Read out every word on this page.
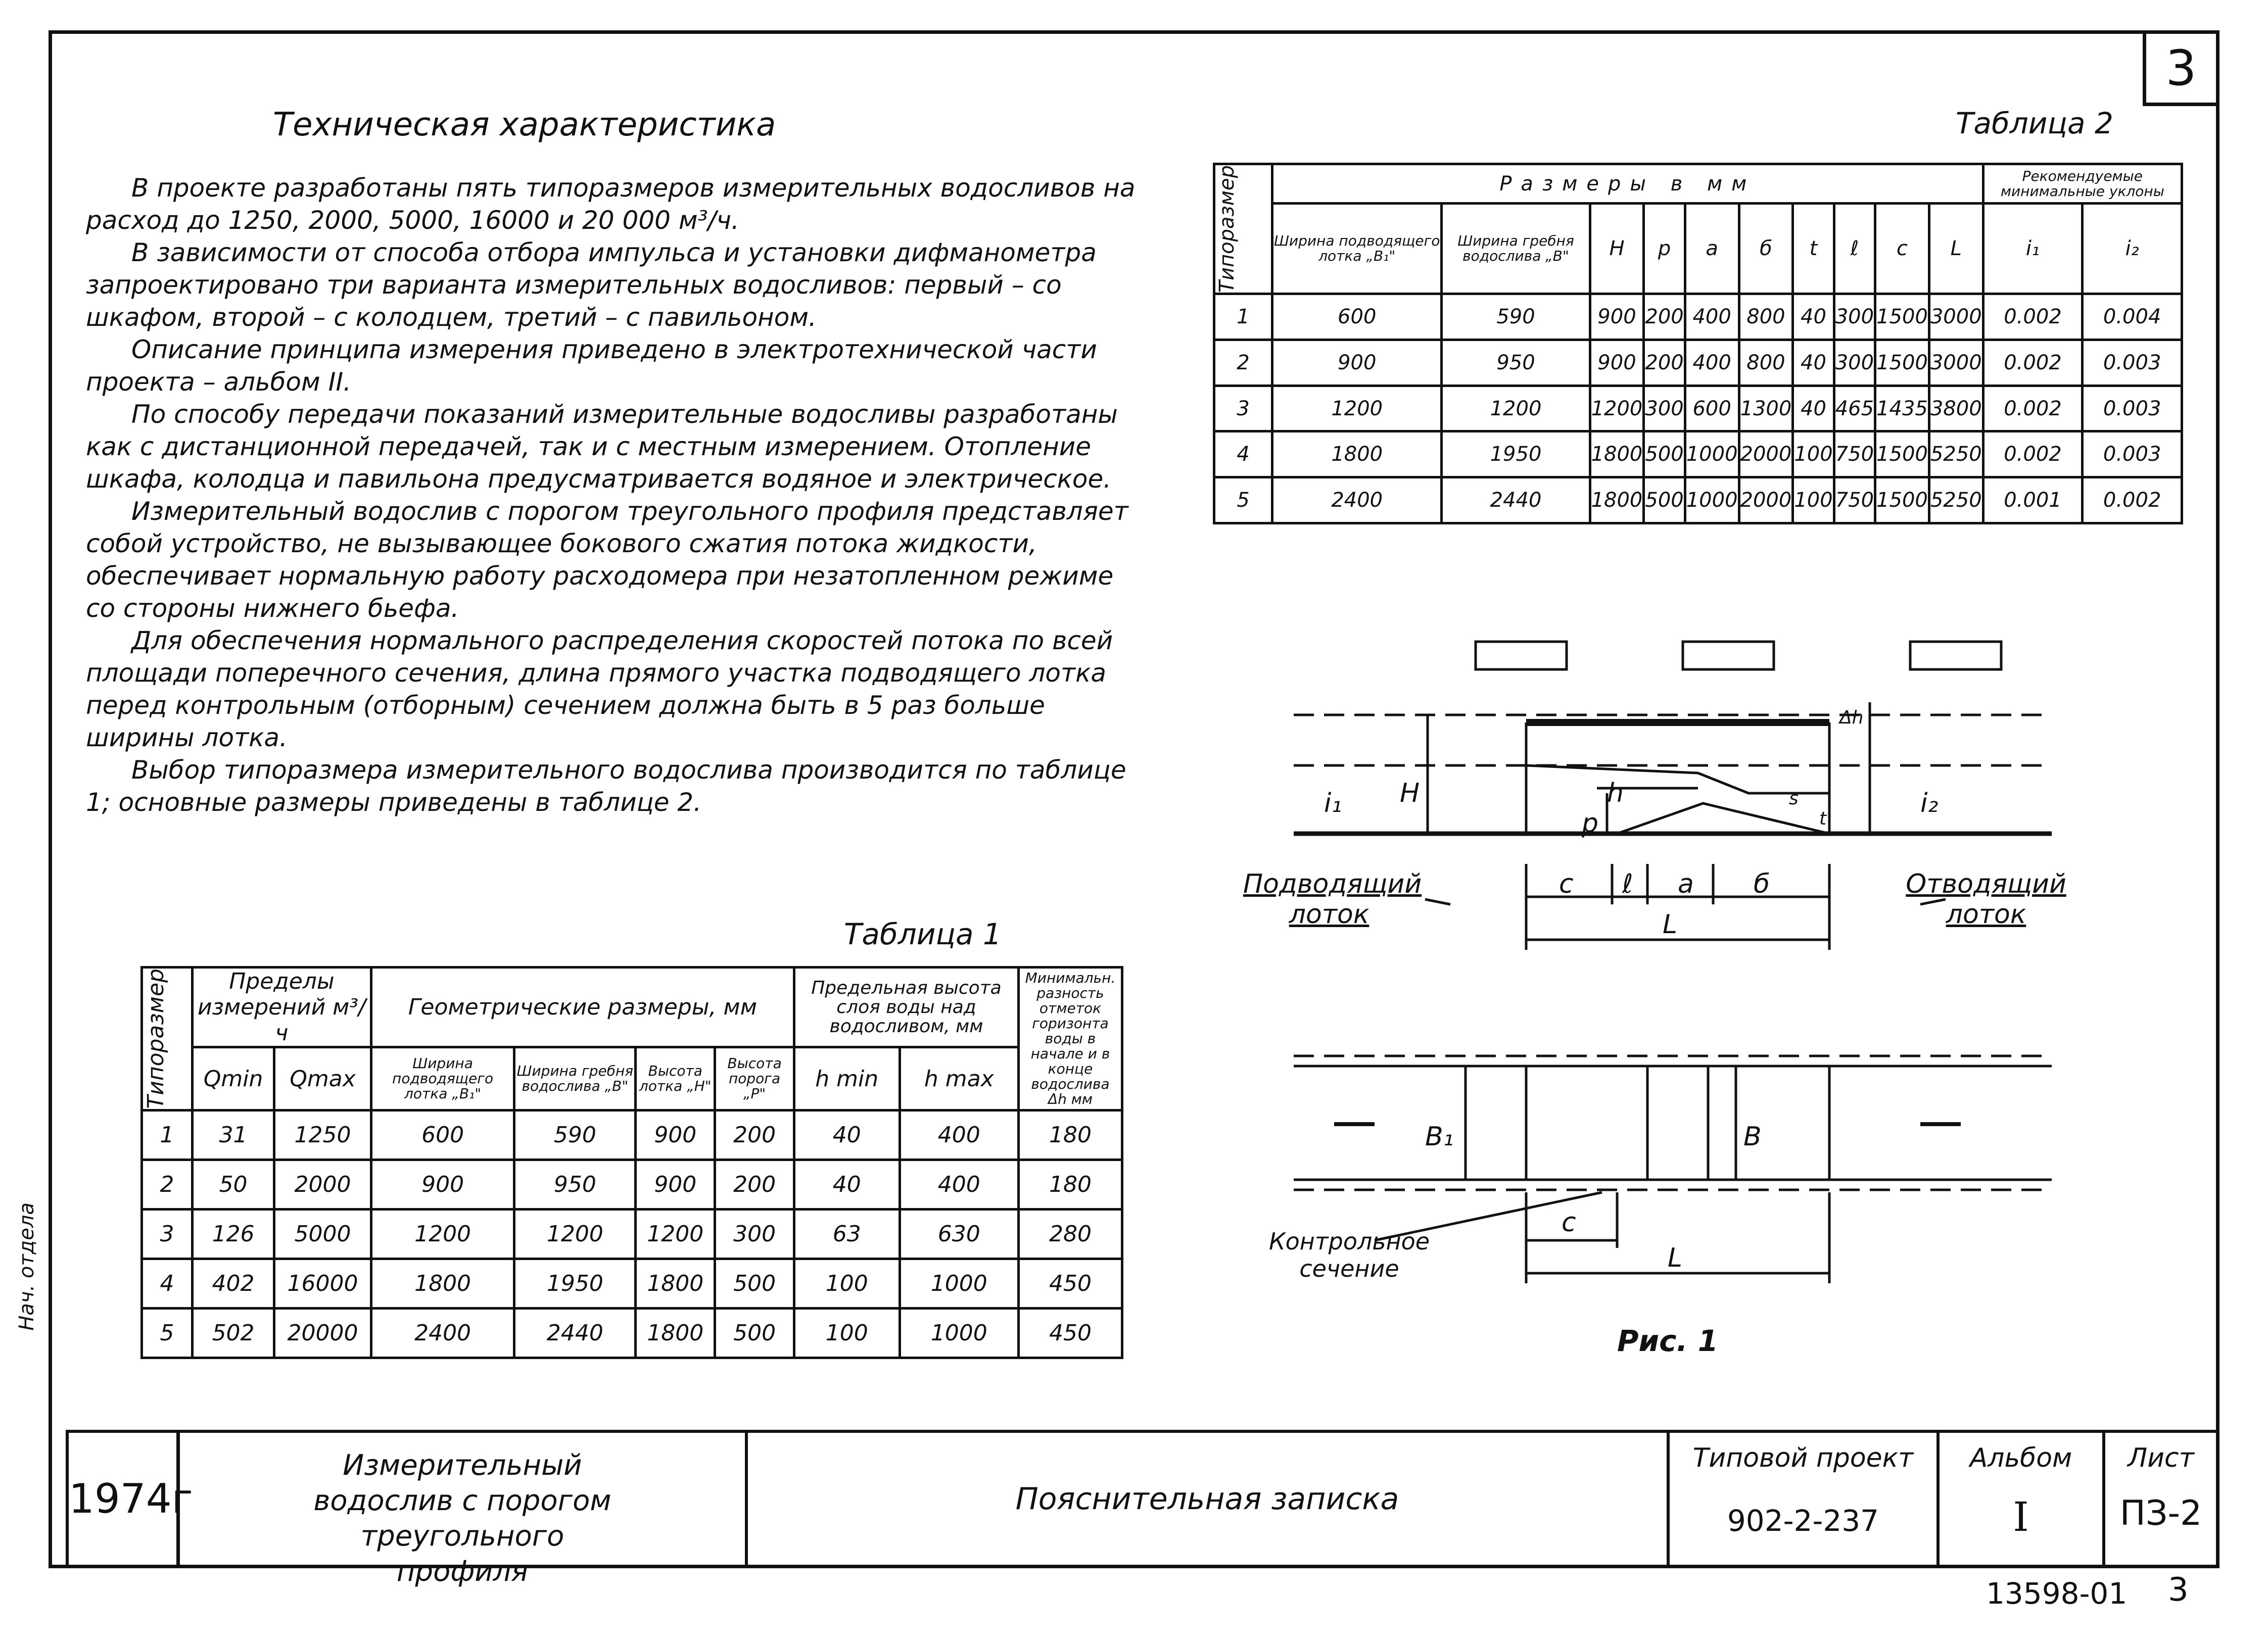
3
Нач. отдела
Техническая характеристика

В проекте разработаны пять типоразмеров измерительных водосливов на расход до 1250, 2000, 5000, 16000 и 20 000 м³/ч.

В зависимости от способа отбора импульса и установки дифманометра запроектировано три варианта измерительных водосливов: первый – со шкафом, второй – с колодцем, третий – с павильоном.

Описание принципа измерения приведено в электротехнической части проекта – альбом II.

По способу передачи показаний измерительные водосливы разработаны как с дистанционной передачей, так и с местным измерением. Отопление шкафа, колодца и павильона предусматривается водяное и электрическое.

Измерительный водослив с порогом треугольного профиля представляет собой устройство, не вызывающее бокового сжатия потока жидкости, обеспечивает нормальную работу расходомера при незатопленном режиме со стороны нижнего бьефа.

Для обеспечения нормального распределения скоростей потока по всей площади поперечного сечения, длина прямого участка подводящего лотка перед контрольным (отборным) сечением должна быть в 5 раз больше ширины лотка.

Выбор типоразмера измерительного водослива производится по таблице 1; основные размеры приведены в таблице 2.

Таблица 2
Типоразмер	Размеры в мм										Рекомендуемые минимальные уклоны	
	Ширина подводящего лотка „B₁"	Ширина гребня водослива „B"	H	p	a	б	t	ℓ	c	L	i₁	i₂
1	600	590	900	200	400	800	40	300	1500	3000	0.002	0.004
2	900	950	900	200	400	800	40	300	1500	3000	0.002	0.003
3	1200	1200	1200	300	600	1300	40	465	1435	3800	0.002	0.003
4	1800	1950	1800	500	1000	2000	100	750	1500	5250	0.002	0.003
5	2400	2440	1800	500	1000	2000	100	750	1500	5250	0.001	0.002
Таблица 1
Типоразмер	Пределы измерений м³/ч		Геометрические размеры, мм				Предельная высота слоя воды над водосливом, мм		Минимальн. разность отметок горизонта воды в начале и в конце водослива Δh мм
	Qmin	Qmax	Ширина подводящего лотка „B₁"	Ширина гребня водослива „B"	Высота лотка „H"	Высота порога „P"	h min	h max	
1	31	1250	600	590	900	200	40	400	180
2	50	2000	900	950	900	200	40	400	180
3	126	5000	1200	1200	1200	300	63	630	280
4	402	16000	1800	1950	1800	500	100	1000	450
5	502	20000	2400	2440	1800	500	100	1000	450
c ℓ a б
L
H	h
p
i₁	i₂
B₁	B
t
s
Δh
c
L
Подводящий лоток
Отводящий лоток
Контрольное сечение
Рис. 1
1974г
Измерительный водослив с порогом треугольного профиля
Пояснительная записка
Типовой проект
902-2-237
Альбом
I
Лист
ПЗ-2
13598-01 3
